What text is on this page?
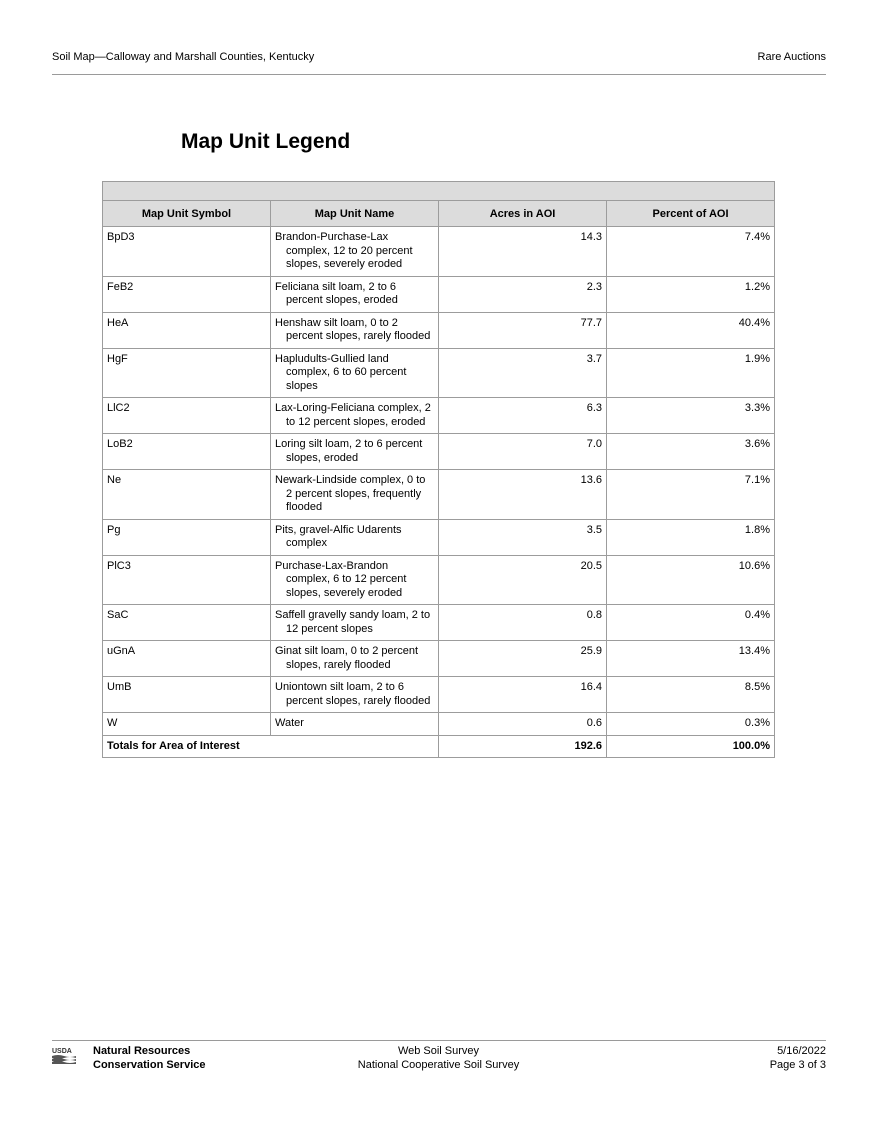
Soil Map—Calloway and Marshall Counties, Kentucky	Rare Auctions
Map Unit Legend

Map Unit Symbol	Map Unit Name	Acres in AOI	Percent of AOI
BpD3	Brandon-Purchase-Lax complex, 12 to 20 percent slopes, severely eroded	14.3	7.4%
FeB2	Feliciana silt loam, 2 to 6 percent slopes, eroded	2.3	1.2%
HeA	Henshaw silt loam, 0 to 2 percent slopes, rarely flooded	77.7	40.4%
HgF	Hapludults-Gullied land complex, 6 to 60 percent slopes	3.7	1.9%
LlC2	Lax-Loring-Feliciana complex, 2 to 12 percent slopes, eroded	6.3	3.3%
LoB2	Loring silt loam, 2 to 6 percent slopes, eroded	7.0	3.6%
Ne	Newark-Lindside complex, 0 to 2 percent slopes, frequently flooded	13.6	7.1%
Pg	Pits, gravel-Alfic Udarents complex	3.5	1.8%
PlC3	Purchase-Lax-Brandon complex, 6 to 12 percent slopes, severely eroded	20.5	10.6%
SaC	Saffell gravelly sandy loam, 2 to 12 percent slopes	0.8	0.4%
uGnA	Ginat silt loam, 0 to 2 percent slopes, rarely flooded	25.9	13.4%
UmB	Uniontown silt loam, 2 to 6 percent slopes, rarely flooded	16.4	8.5%
W	Water	0.6	0.3%
Totals for Area of Interest		192.6	100.0%
USDA Natural Resources
Conservation Service
Web Soil Survey
National Cooperative Soil Survey
5/16/2022
Page 3 of 3
